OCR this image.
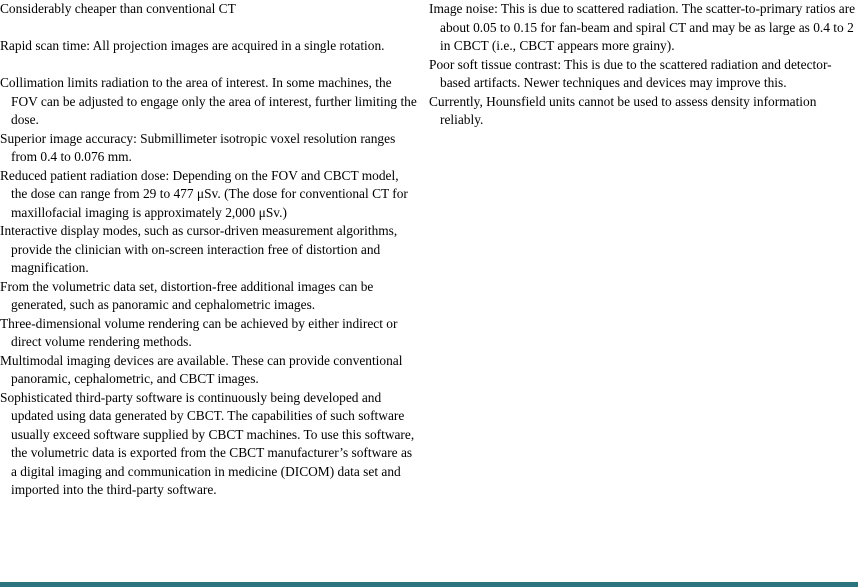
Considerably cheaper than conventional CT

Rapid scan time: All projection images are acquired in a single rotation.

Collimation limits radiation to the area of interest. In some machines, the FOV can be adjusted to engage only the area of interest, further limiting the dose.

Superior image accuracy: Submillimeter isotropic voxel resolution ranges from 0.4 to 0.076 mm.

Reduced patient radiation dose: Depending on the FOV and CBCT model, the dose can range from 29 to 477 μSv. (The dose for conventional CT for maxillofacial imaging is approximately 2,000 μSv.)

Interactive display modes, such as cursor-driven measurement algorithms, provide the clinician with on-screen interaction free of distortion and magnification.

From the volumetric data set, distortion-free additional images can be generated, such as panoramic and cephalometric images.

Three-dimensional volume rendering can be achieved by either indirect or direct volume rendering methods.

Multimodal imaging devices are available. These can provide conventional panoramic, cephalometric, and CBCT images.

Sophisticated third-party software is continuously being developed and updated using data generated by CBCT. The capabilities of such software usually exceed software supplied by CBCT machines. To use this software, the volumetric data is exported from the CBCT manufacturer’s software as a digital imaging and communication in medicine (DICOM) data set and imported into the third-party software.

Image noise: This is due to scattered radiation. The scatter-to-primary ratios are about 0.05 to 0.15 for fan-beam and spiral CT and may be as large as 0.4 to 2 in CBCT (i.e., CBCT appears more grainy).

Poor soft tissue contrast: This is due to the scattered radiation and detector-based artifacts. Newer techniques and devices may improve this.

Currently, Hounsfield units cannot be used to assess density information reliably.
